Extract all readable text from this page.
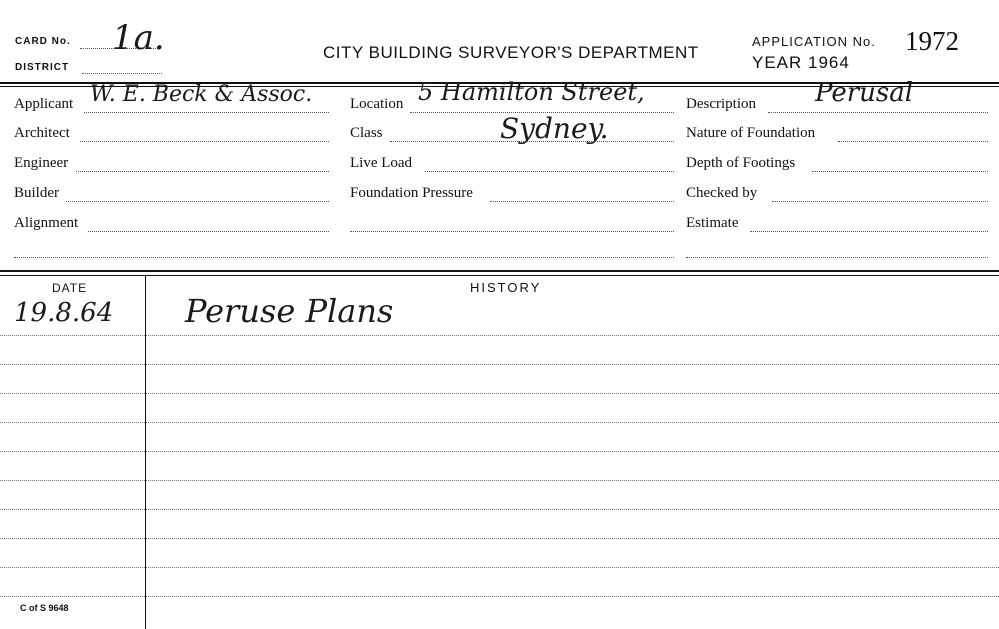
CARD No. 1a.
DISTRICT
CITY BUILDING SURVEYOR'S DEPARTMENT
APPLICATION No. 1972
YEAR 1964
Applicant W. E. Beck & Assoc.
Architect
Engineer
Builder
Alignment
Location 5 Hamilton Street,
Sydney.
Class
Live Load
Foundation Pressure
Description Perusal
Nature of Foundation
Depth of Footings
Checked by
Estimate
DATE	HISTORY
19.8.64 Peruse Plans
C of S 9648
